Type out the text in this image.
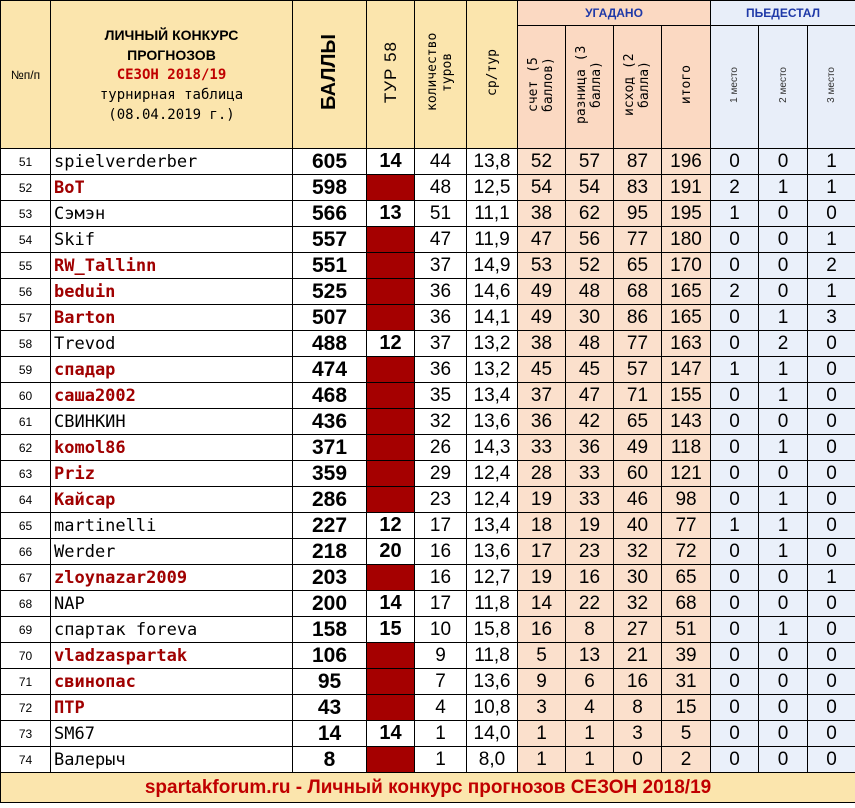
№п/п	ЛИЧНЫЙ КОНКУРС
ПРОГНОЗОВ
СЕЗОН 2018/19
турнирная таблица
(08.04.2019 г.)	БАЛЛЫ	ТУР 58	количество туров	ср/тур	УГАДАНО				ПЬЕДЕСТАЛ		
						счет (5 баллов)	разница (3 балла)	исход (2 балла)	итого	1 место	2 место	3 место
51	spielverderber	605	14	44	13,8	52	57	87	196	0	0	1
52	BoT	598		48	12,5	54	54	83	191	2	1	1
53	Сэмэн	566	13	51	11,1	38	62	95	195	1	0	0
54	Skif	557		47	11,9	47	56	77	180	0	0	1
55	RW_Tallinn	551		37	14,9	53	52	65	170	0	0	2
56	beduin	525		36	14,6	49	48	68	165	2	0	1
57	Barton	507		36	14,1	49	30	86	165	0	1	3
58	Trevod	488	12	37	13,2	38	48	77	163	0	2	0
59	спадар	474		36	13,2	45	45	57	147	1	1	0
60	саша2002	468		35	13,4	37	47	71	155	0	1	0
61	СВИНКИН	436		32	13,6	36	42	65	143	0	0	0
62	komol86	371		26	14,3	33	36	49	118	0	1	0
63	Priz	359		29	12,4	28	33	60	121	0	0	0
64	Кайсар	286		23	12,4	19	33	46	98	0	1	0
65	martinelli	227	12	17	13,4	18	19	40	77	1	1	0
66	Werder	218	20	16	13,6	17	23	32	72	0	1	0
67	zloynazar2009	203		16	12,7	19	16	30	65	0	0	1
68	NAP	200	14	17	11,8	14	22	32	68	0	0	0
69	спартак foreva	158	15	10	15,8	16	8	27	51	0	1	0
70	vladzaspartak	106		9	11,8	5	13	21	39	0	0	0
71	свинопас	95		7	13,6	9	6	16	31	0	0	0
72	ПТР	43		4	10,8	3	4	8	15	0	0	0
73	SM67	14	14	1	14,0	1	1	3	5	0	0	0
74	Валерыч	8		1	8,0	1	1	0	2	0	0	0
spartakforum.ru - Личный конкурс прогнозов СЕЗОН 2018/19												
